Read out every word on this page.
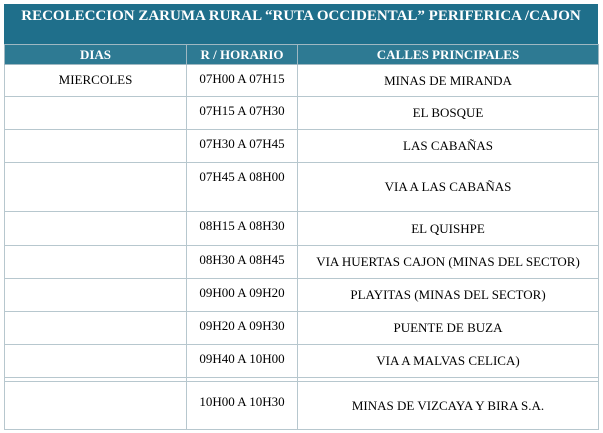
RECOLECCION ZARUMA RURAL “RUTA OCCIDENTAL” PERIFERICA /CAJON
DIAS	R / HORARIO	CALLES PRINCIPALES
MIERCOLES	07H00 A 07H15	MINAS DE MIRANDA
	07H15 A 07H30	EL BOSQUE
	07H30 A 07H45	LAS CABAÑAS
	07H45 A 08H00	VIA A LAS CABAÑAS
	08H15 A 08H30	EL QUISHPE
	08H30 A 08H45	VIA HUERTAS CAJON (MINAS DEL SECTOR)
	09H00 A 09H20	PLAYITAS (MINAS DEL SECTOR)
	09H20 A 09H30	PUENTE DE BUZA
	09H40 A 10H00	VIA A MALVAS CELICA)

	10H00 A 10H30	MINAS DE VIZCAYA Y BIRA S.A.
